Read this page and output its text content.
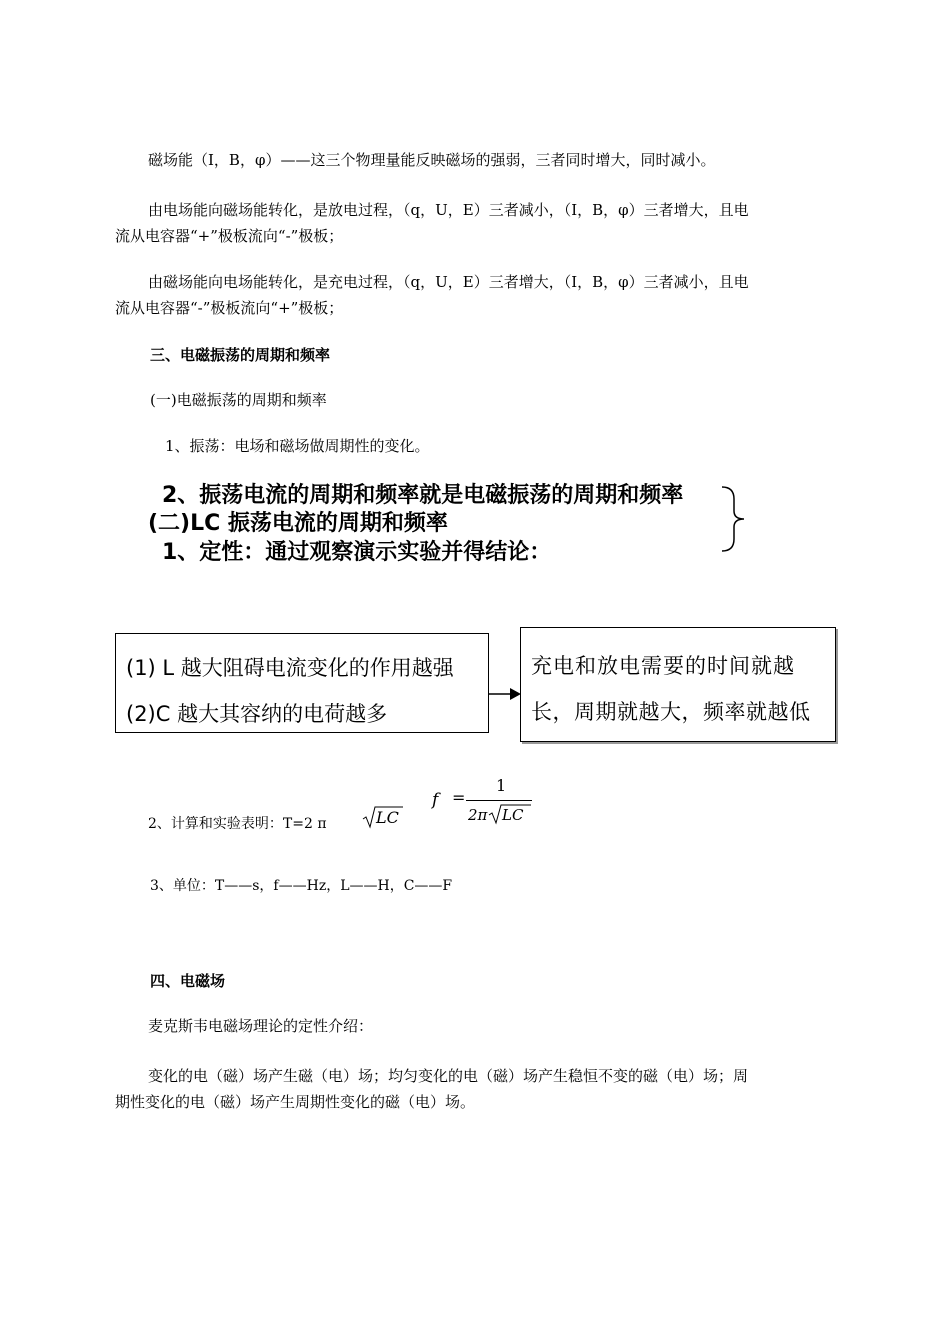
磁场能（I，B，φ）——这三个物理量能反映磁场的强弱，三者同时增大，同时减小。
由电场能向磁场能转化，是放电过程，（q，U，E）三者减小，（I，B，φ）三者增大，且电
流从电容器“+”极板流向“-”极板；
由磁场能向电场能转化，是充电过程，（q，U，E）三者增大，（I，B，φ）三者减小，且电
流从电容器“-”极板流向“+”极板；
三、电磁振荡的周期和频率
(一)电磁振荡的周期和频率
1、振荡：电场和磁场做周期性的变化。
2、振荡电流的周期和频率就是电磁振荡的周期和频率
(二)LC 振荡电流的周期和频率
1、定性：通过观察演示实验并得结论：
(1) L 越大阻碍电流变化的作用越强
(2)C 越大其容纳的电荷越多
充电和放电需要的时间就越
长，周期就越大，频率就越低
2、计算和实验表明：T=2 π	LC
f =
1
2π LC
3、单位：T——s，f——Hz，L——H，C——F
四、电磁场
麦克斯韦电磁场理论的定性介绍：
变化的电（磁）场产生磁（电）场；均匀变化的电（磁）场产生稳恒不变的磁（电）场；周
期性变化的电（磁）场产生周期性变化的磁（电）场。
